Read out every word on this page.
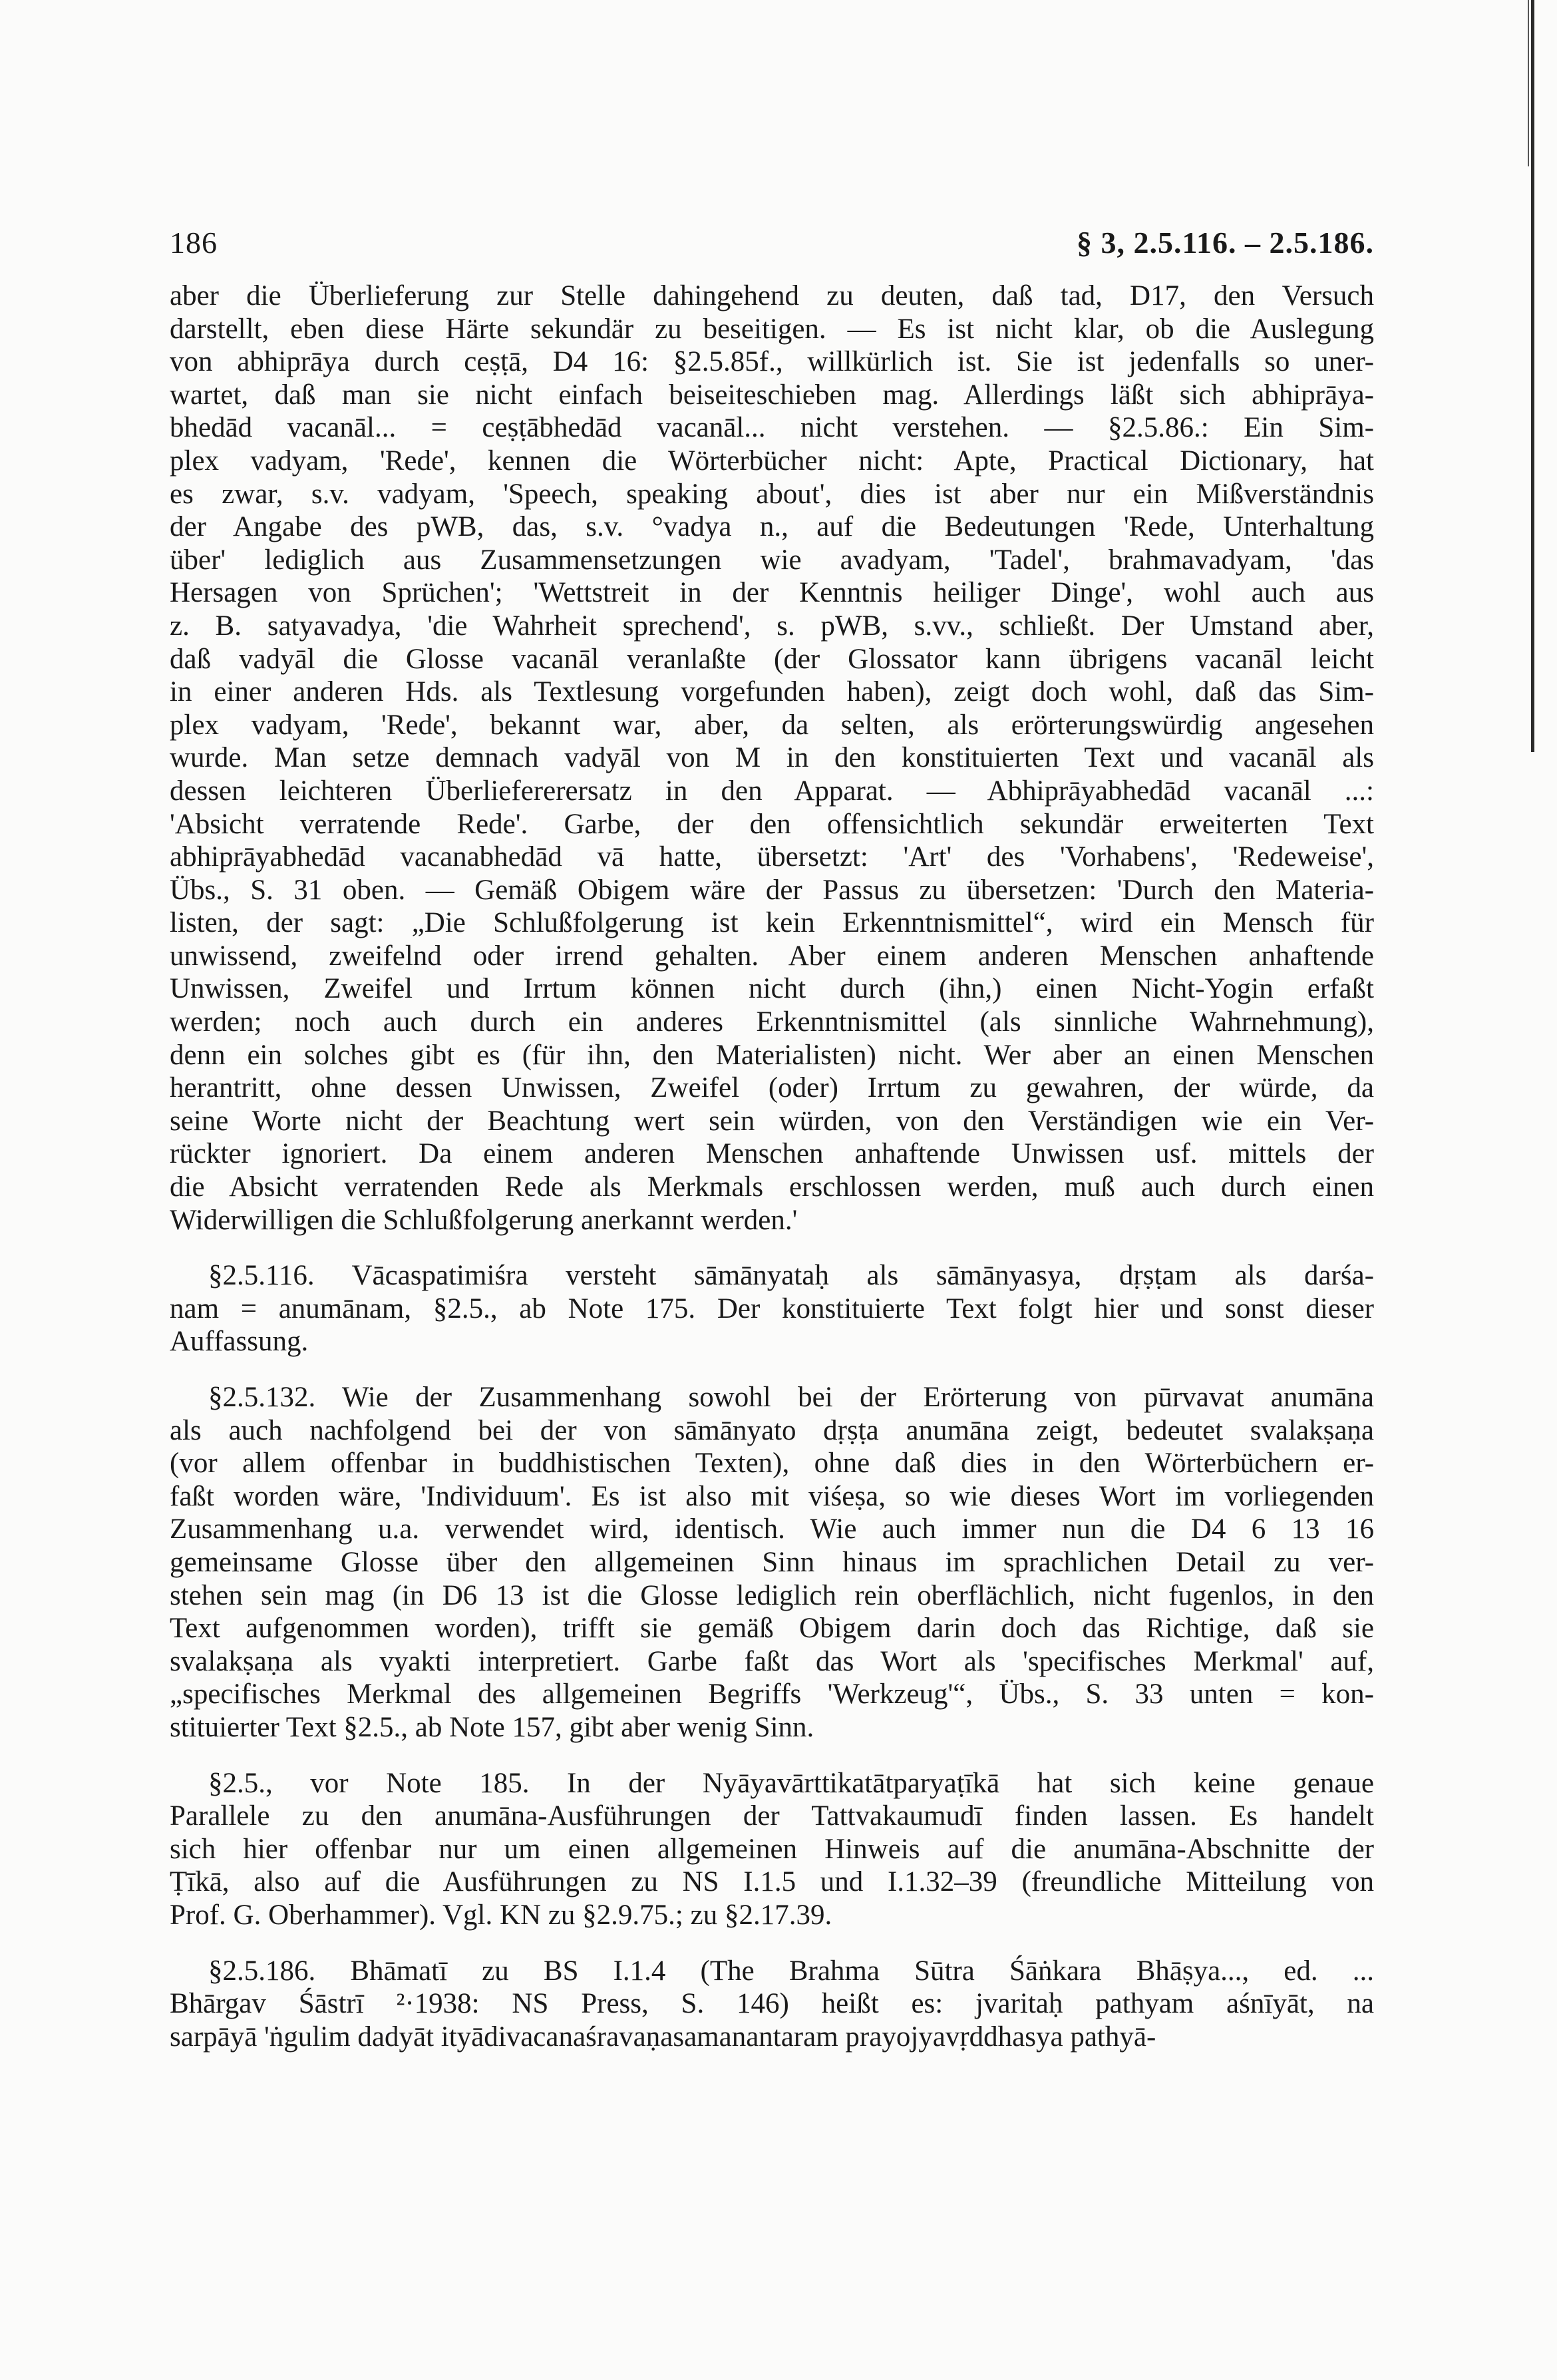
186	§ 3, 2.5.116. – 2.5.186.
aber die Überlieferung zur Stelle dahingehend zu deuten, daß tad, D17, den Versuch
darstellt, eben diese Härte sekundär zu beseitigen. — Es ist nicht klar, ob die Auslegung
von abhiprāya durch ceṣṭā, D4 16: §2.5.85f., willkürlich ist. Sie ist jedenfalls so uner-
wartet, daß man sie nicht einfach beiseiteschieben mag. Allerdings läßt sich abhiprāya-
bhedād vacanāl... = ceṣṭābhedād vacanāl... nicht verstehen. — §2.5.86.: Ein Sim-
plex vadyam, 'Rede', kennen die Wörterbücher nicht: Apte, Practical Dictionary, hat
es zwar, s.v. vadyam, 'Speech, speaking about', dies ist aber nur ein Mißverständnis
der Angabe des pWB, das, s.v. °vadya n., auf die Bedeutungen 'Rede, Unterhaltung
über' lediglich aus Zusammensetzungen wie avadyam, 'Tadel', brahmavadyam, 'das
Hersagen von Sprüchen'; 'Wettstreit in der Kenntnis heiliger Dinge', wohl auch aus
z. B. satyavadya, 'die Wahrheit sprechend', s. pWB, s.vv., schließt. Der Umstand aber,
daß vadyāl die Glosse vacanāl veranlaßte (der Glossator kann übrigens vacanāl leicht
in einer anderen Hds. als Textlesung vorgefunden haben), zeigt doch wohl, daß das Sim-
plex vadyam, 'Rede', bekannt war, aber, da selten, als erörterungswürdig angesehen
wurde. Man setze demnach vadyāl von M in den konstituierten Text und vacanāl als
dessen leichteren Überliefererersatz in den Apparat. — Abhiprāyabhedād vacanāl ...:
'Absicht verratende Rede'. Garbe, der den offensichtlich sekundär erweiterten Text
abhiprāyabhedād vacanabhedād vā hatte, übersetzt: 'Art' des 'Vorhabens', 'Redeweise',
Übs., S. 31 oben. — Gemäß Obigem wäre der Passus zu übersetzen: 'Durch den Materia-
listen, der sagt: „Die Schlußfolgerung ist kein Erkenntnismittel“, wird ein Mensch für
unwissend, zweifelnd oder irrend gehalten. Aber einem anderen Menschen anhaftende
Unwissen, Zweifel und Irrtum können nicht durch (ihn,) einen Nicht-Yogin erfaßt
werden; noch auch durch ein anderes Erkenntnismittel (als sinnliche Wahrnehmung),
denn ein solches gibt es (für ihn, den Materialisten) nicht. Wer aber an einen Menschen
herantritt, ohne dessen Unwissen, Zweifel (oder) Irrtum zu gewahren, der würde, da
seine Worte nicht der Beachtung wert sein würden, von den Verständigen wie ein Ver-
rückter ignoriert. Da einem anderen Menschen anhaftende Unwissen usf. mittels der
die Absicht verratenden Rede als Merkmals erschlossen werden, muß auch durch einen
Widerwilligen die Schlußfolgerung anerkannt werden.'
§2.5.116. Vācaspatimiśra versteht sāmānyataḥ als sāmānyasya, dṛṣṭam als darśa-
nam = anumānam, §2.5., ab Note 175. Der konstituierte Text folgt hier und sonst dieser
Auffassung.
§2.5.132. Wie der Zusammenhang sowohl bei der Erörterung von pūrvavat anumāna
als auch nachfolgend bei der von sāmānyato dṛṣṭa anumāna zeigt, bedeutet svalakṣaṇa
(vor allem offenbar in buddhistischen Texten), ohne daß dies in den Wörterbüchern er-
faßt worden wäre, 'Individuum'. Es ist also mit viśeṣa, so wie dieses Wort im vorliegenden
Zusammenhang u.a. verwendet wird, identisch. Wie auch immer nun die D4 6 13 16
gemeinsame Glosse über den allgemeinen Sinn hinaus im sprachlichen Detail zu ver-
stehen sein mag (in D6 13 ist die Glosse lediglich rein oberflächlich, nicht fugenlos, in den
Text aufgenommen worden), trifft sie gemäß Obigem darin doch das Richtige, daß sie
svalakṣaṇa als vyakti interpretiert. Garbe faßt das Wort als 'specifisches Merkmal' auf,
„specifisches Merkmal des allgemeinen Begriffs 'Werkzeug'“, Übs., S. 33 unten = kon-
stituierter Text §2.5., ab Note 157, gibt aber wenig Sinn.
§2.5., vor Note 185. In der Nyāyavārttikatātparyaṭīkā hat sich keine genaue
Parallele zu den anumāna-Ausführungen der Tattvakaumudī finden lassen. Es handelt
sich hier offenbar nur um einen allgemeinen Hinweis auf die anumāna-Abschnitte der
Ṭīkā, also auf die Ausführungen zu NS I.1.5 und I.1.32–39 (freundliche Mitteilung von
Prof. G. Oberhammer). Vgl. KN zu §2.9.75.; zu §2.17.39.
§2.5.186. Bhāmatī zu BS I.1.4 (The Brahma Sūtra Śāṅkara Bhāṣya..., ed. ...
Bhārgav Śāstrī ²·1938: NS Press, S. 146) heißt es: jvaritaḥ pathyam aśnīyāt, na
sarpāyā 'ṅgulim dadyāt ityādivacanaśravaṇasamanantaram prayojyavṛddhasya pathyā-
